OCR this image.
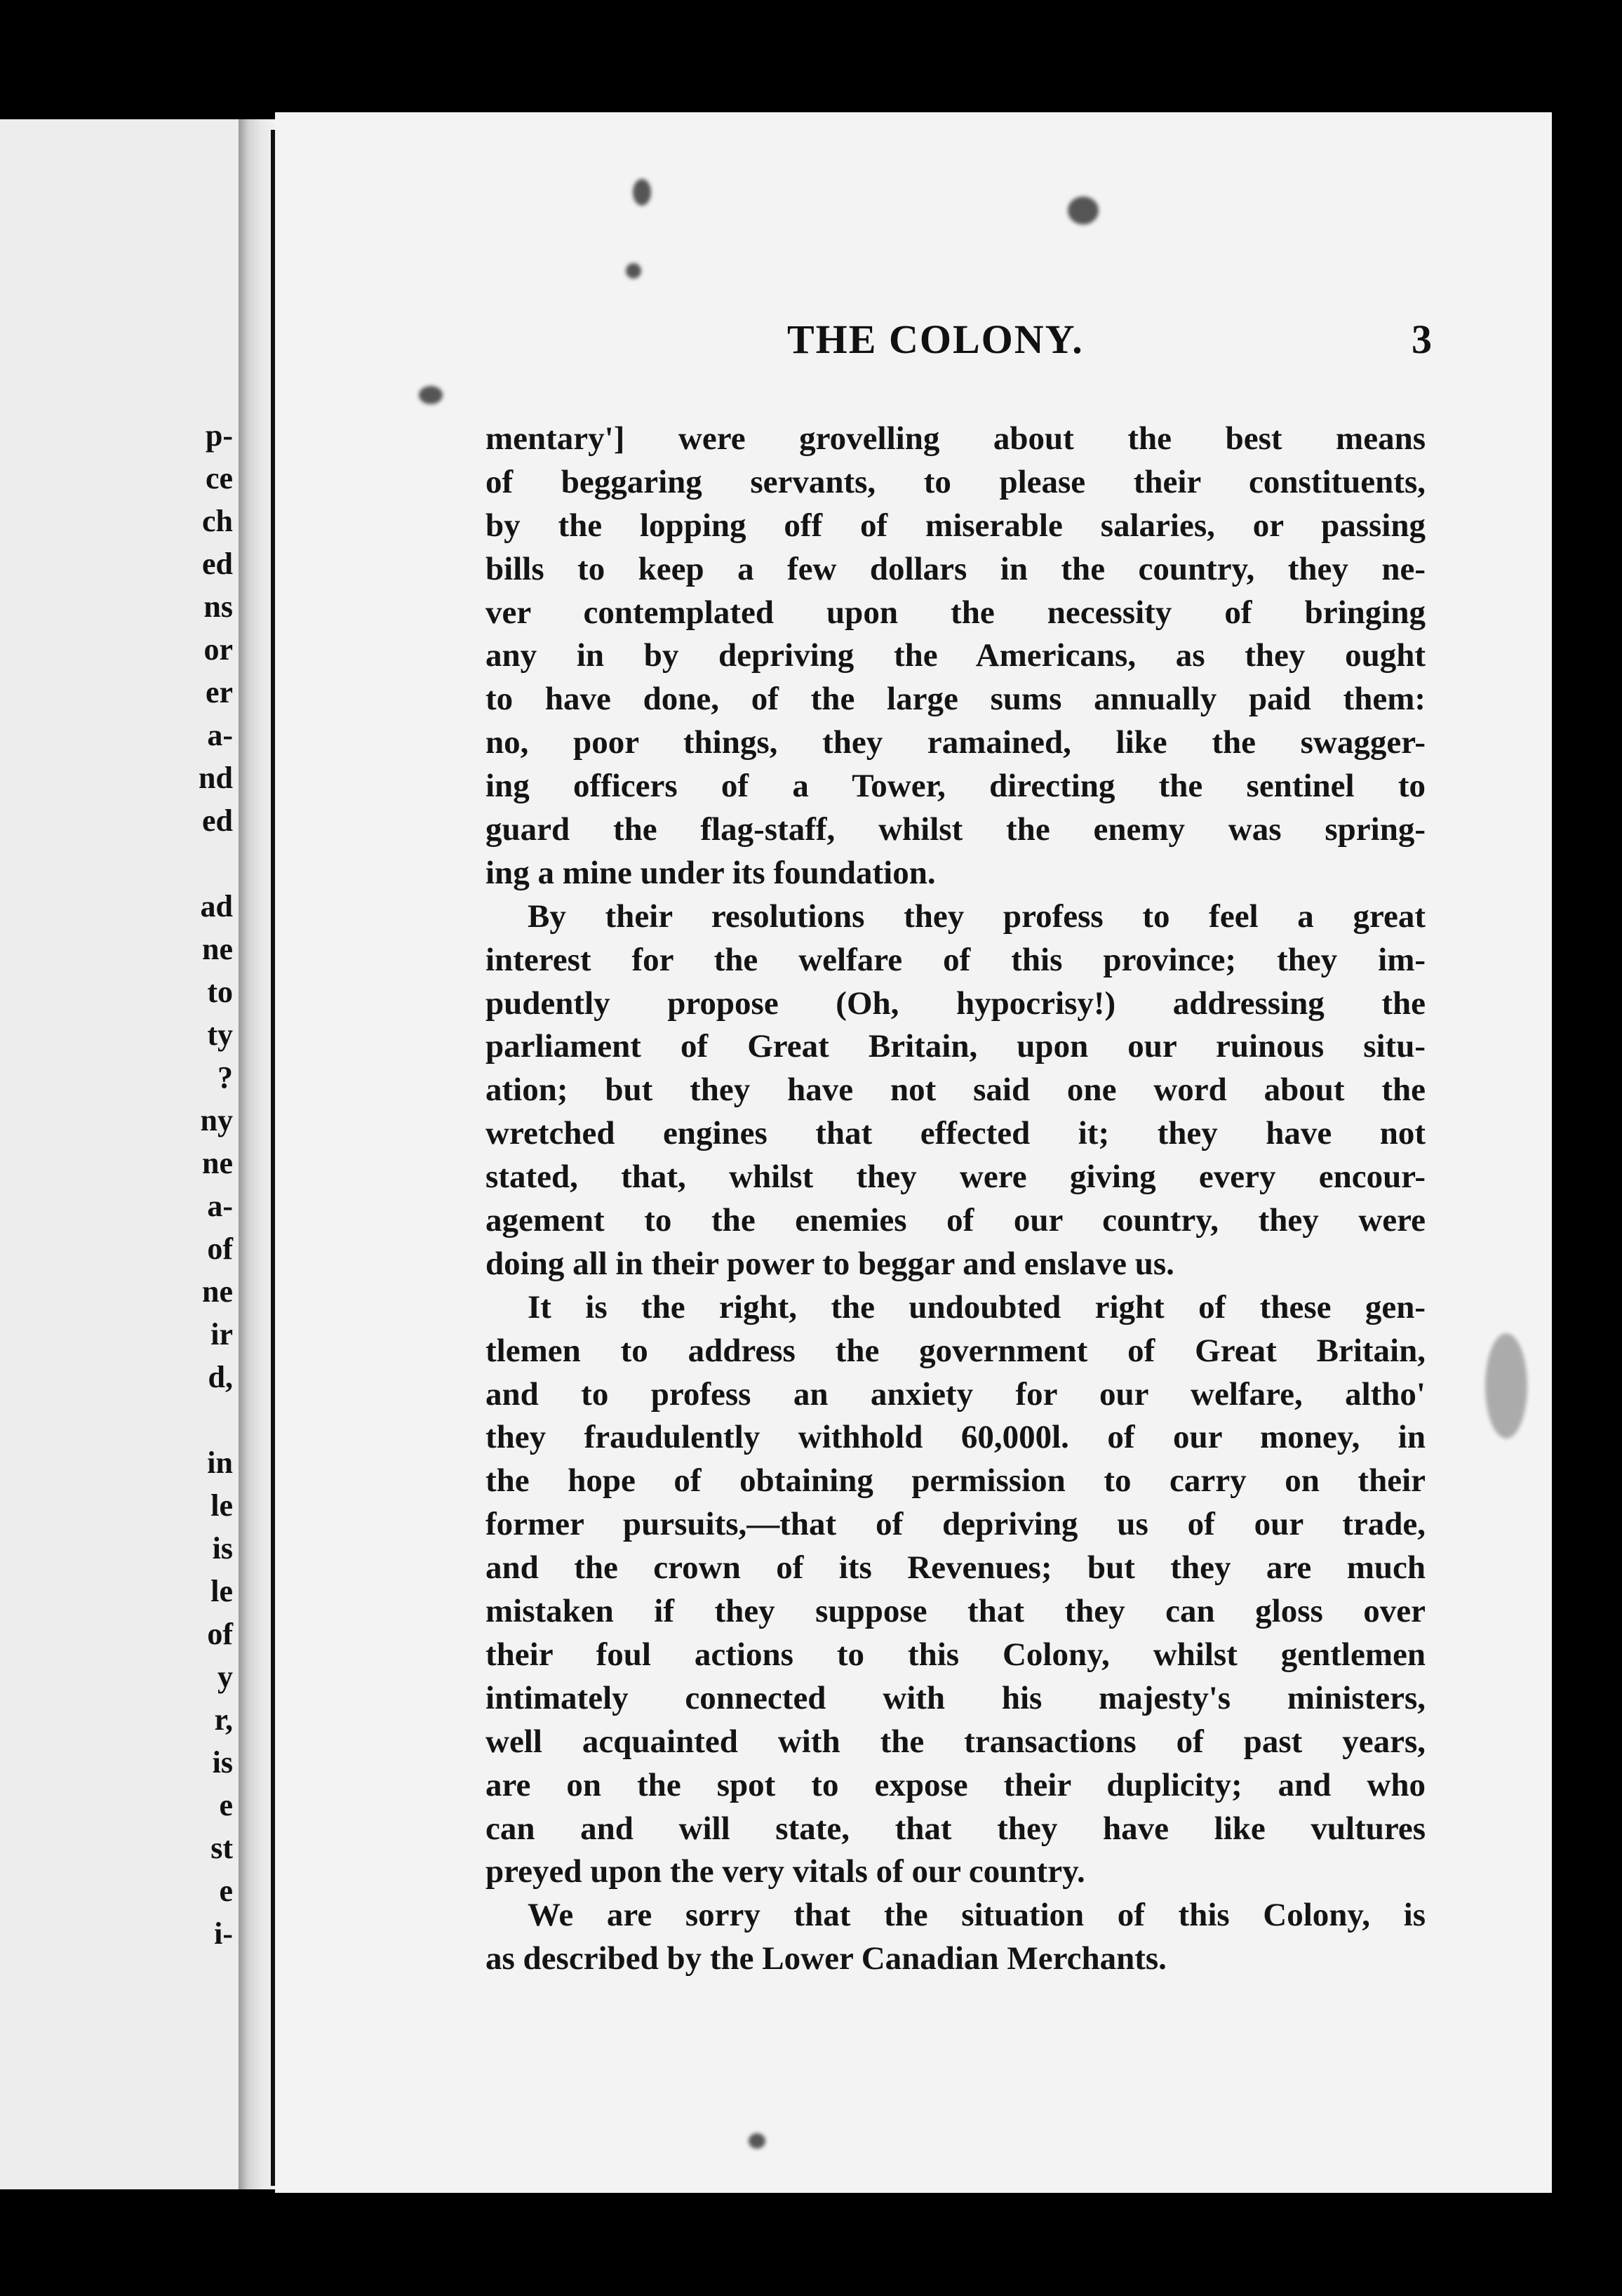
p-
ce
ch
ed
ns
or
er
a-
nd
ed
ad
ne
to
ty
?
ny
ne
a-
of
ne
ir
d,
in
le
is
le
of
y
r,
is
e
st
e
i-
THE COLONY.	3
mentary'] were grovelling about the best means
of beggaring servants, to please their constituents,
by the lopping off of miserable salaries, or passing
bills to keep a few dollars in the country, they ne-
ver contemplated upon the necessity of bringing
any in by depriving the Americans, as they ought
to have done, of the large sums annually paid them:
no, poor things, they ramained, like the swagger-
ing officers of a Tower, directing the sentinel to
guard the flag-staff, whilst the enemy was spring-
ing a mine under its foundation.
By their resolutions they profess to feel a great
interest for the welfare of this province; they im-
pudently propose (Oh, hypocrisy!) addressing the
parliament of Great Britain, upon our ruinous situ-
ation; but they have not said one word about the
wretched engines that effected it; they have not
stated, that, whilst they were giving every encour-
agement to the enemies of our country, they were
doing all in their power to beggar and enslave us.
It is the right, the undoubted right of these gen-
tlemen to address the government of Great Britain,
and to profess an anxiety for our welfare, altho'
they fraudulently withhold 60,000l. of our money, in
the hope of obtaining permission to carry on their
former pursuits,—that of depriving us of our trade,
and the crown of its Revenues; but they are much
mistaken if they suppose that they can gloss over
their foul actions to this Colony, whilst gentlemen
intimately connected with his majesty's ministers,
well acquainted with the transactions of past years,
are on the spot to expose their duplicity; and who
can and will state, that they have like vultures
preyed upon the very vitals of our country.
We are sorry that the situation of this Colony, is
as described by the Lower Canadian Merchants.
